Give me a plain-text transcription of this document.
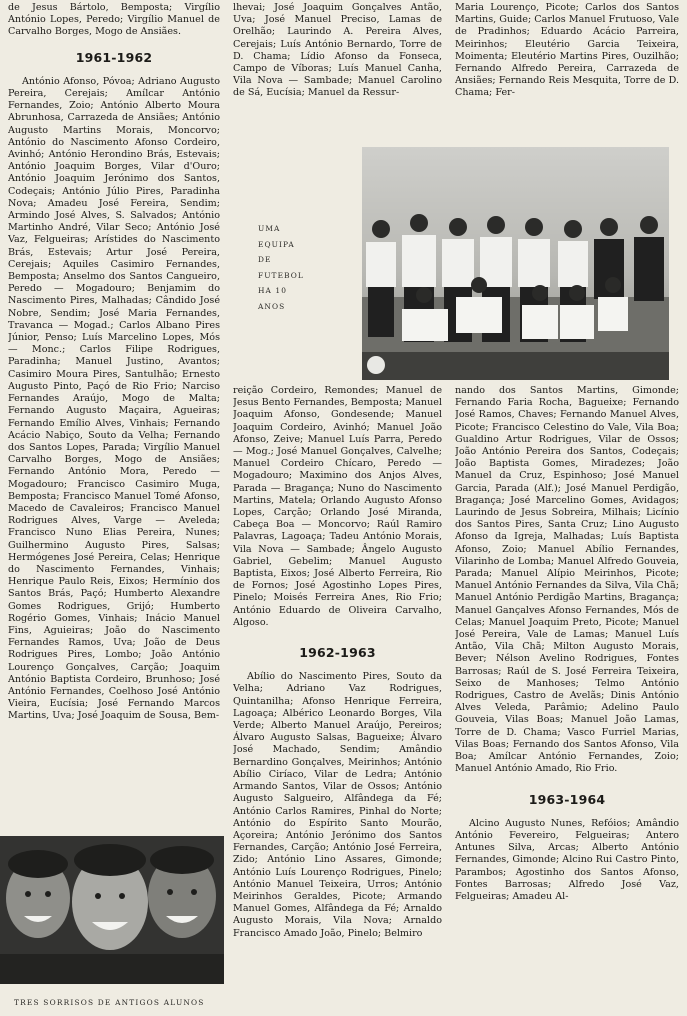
de Jesus Bártolo, Bemposta; Virgílio António Lopes, Peredo; Virgílio Manuel de Carvalho Borges, Mogo de Ansiães.

1961-1962

António Afonso, Póvoa; Adriano Augusto Pereira, Cerejais; Amílcar António Fernandes, Zoio; António Alberto Moura Abrunhosa, Carrazeda de Ansiães; António Augusto Martins Morais, Moncorvo; António do Nascimento Afonso Cordeiro, Avinhó; António Herondino Brás, Estevais; António Joaquim Borges, Vilar d'Ouro; António Joaquim Jerónimo dos Santos, Codeçais; António Júlio Pires, Paradinha Nova; Amadeu José Fereira, Sendim; Armindo José Alves, S. Salvados; António Martinho André, Vilar Seco; António José Vaz, Felgueiras; Arístides do Nascimento Brás, Estevais; Artur José Pereira, Cerejais; Aquiles Casimiro Fernandes, Bemposta; Anselmo dos Santos Cangueiro, Peredo — Mogadouro; Benjamim do Nascimento Pires, Malhadas; Cândido José Nobre, Sendim; José Maria Fernandes, Travanca — Mogad.; Carlos Albano Pires Júnior, Penso; Luís Marcelino Lopes, Mós — Monc.; Carlos Filipe Rodrigues, Paradinha; Manuel Justino, Avantos; Casimiro Moura Pires, Santulhão; Ernesto Augusto Pinto, Paçó de Rio Frio; Narciso Fernandes Araújo, Mogo de Malta; Fernando Augusto Maçaira, Agueiras; Fernando Emílio Alves, Vinhais; Fernando Acácio Nabiço, Souto da Velha; Fernando dos Santos Lopes, Parada; Virgílio Manuel Carvalho Borges, Mogo de Ansiães; Fernando António Mora, Peredo — Mogadouro; Francisco Casimiro Muga, Bemposta; Francisco Manuel Tomé Afonso, Macedo de Cavaleiros; Francisco Manuel Rodrigues Alves, Varge — Aveleda; Francisco Nuno Elias Pereira, Nunes; Guilhermino Augusto Pires, Salsas; Hermógenes José Pereira, Celas; Henrique do Nascimento Fernandes, Vinhais; Henrique Paulo Reis, Eixos; Hermínio dos Santos Brás, Paçó; Humberto Alexandre Gomes Rodrigues, Grijó; Humberto Rogério Gomes, Vinhais; Inácio Manuel Fins, Aguieiras; João do Nascimento Fernandes Ramos, Uva; João de Deus Rodrigues Pires, Lombo; João António Lourenço Gonçalves, Carção; Joaquim António Baptista Cordeiro, Brunhoso; José António Fernandes, Coelhoso José António Vieira, Eucísia; José Fernando Marcos Martins, Uva; José Joaquim de Sousa, Bem-

lhevai; José Joaquim Gonçalves Antão, Uva; José Manuel Preciso, Lamas de Orelhão; Laurindo A. Pereira Alves, Cerejais; Luís António Bernardo, Torre de D. Chama; Lídio Afonso da Fonseca, Campo de Víboras; Luís Manuel Canha, Vila Nova — Sambade; Manuel Carolino de Sá, Eucísia; Manuel da Ressur-

Maria Lourenço, Picote; Carlos dos Santos Martins, Guide; Carlos Manuel Frutuoso, Vale de Pradinhos; Eduardo Acácio Parreira, Meirinhos; Eleutério Garcia Teixeira, Moimenta; Eleutério Martins Pires, Ouzilhão; Fernando Alfredo Pereira, Carrazeda de Ansiães; Fernando Reis Mesquita, Torre de D. Chama; Fer-

UMA
EQUIPA
DE
FUTEBOL
HA 10
ANOS

reição Cordeiro, Remondes; Manuel de Jesus Bento Fernandes, Bemposta; Manuel Joaquim Afonso, Gondesende; Manuel Joaquim Cordeiro, Avinhó; Manuel João Afonso, Zeive; Manuel Luís Parra, Peredo — Mog.; José Manuel Gonçalves, Calvelhe; Manuel Cordeiro Chícaro, Peredo — Mogadouro; Maximino dos Anjos Alves, Parada — Bragança; Nuno do Nascimento Martins, Matela; Orlando Augusto Afonso Lopes, Carção; Orlando José Miranda, Cabeça Boa — Moncorvo; Raúl Ramiro Palavras, Lagoaça; Tadeu António Morais, Vila Nova — Sambade; Ângelo Augusto Gabriel, Gebelim; Manuel Augusto Baptista, Eixos; José Alberto Ferreira, Rio de Fornos; José Agostinho Lopes Pires, Pinelo; Moisés Ferreira Anes, Rio Frio; António Eduardo de Oliveira Carvalho, Algoso.

1962-1963

Abílio do Nascimento Pires, Souto da Velha; Adriano Vaz Rodrigues, Quintanilha; Afonso Henrique Ferreira, Lagoaça; Albérico Leonardo Borges, Vila Verde; Alberto Manuel Araújo, Pereiros; Álvaro Augusto Salsas, Bagueixe; Álvaro José Machado, Sendim; Amândio Bernardino Gonçalves, Meirinhos; António Abílio Ciríaco, Vilar de Ledra; António Armando Santos, Vilar de Ossos; António Augusto Salgueiro, Alfândega da Fé; António Carlos Ramires, Pinhal do Norte; António do Espírito Santo Mourão, Açoreira; António Jerónimo dos Santos Fernandes, Carção; António José Ferreira, Zido; António Lino Assares, Gimonde; António Luís Lourenço Rodrigues, Pinelo; António Manuel Teixeira, Urros; António Meirinhos Geraldes, Picote; Armando Manuel Gomes, Alfândega da Fé; Arnaldo Augusto Morais, Vila Nova; Arnaldo Francisco Amado João, Pinelo; Belmiro

nando dos Santos Martins, Gimonde; Fernando Faria Rocha, Bagueixe; Fernando José Ramos, Chaves; Fernando Manuel Alves, Picote; Francisco Celestino do Vale, Vila Boa; Gualdino Artur Rodrigues, Vilar de Ossos; João António Pereira dos Santos, Codeçais; João Baptista Gomes, Miradezes; João Manuel da Cruz, Espinhoso; José Manuel Garcia, Parada (Alf.); José Manuel Perdigão, Bragança; José Marcelino Gomes, Avidagos; Laurindo de Jesus Sobreira, Milhais; Licínio dos Santos Pires, Santa Cruz; Lino Augusto Afonso da Igreja, Malhadas; Luís Baptista Afonso, Zoio; Manuel Abílio Fernandes, Vilarinho de Lomba; Manuel Alfredo Gouveia, Parada; Manuel Alípio Meirinhos, Picote; Manuel António Fernandes da Silva, Vila Chã; Manuel António Perdigão Martins, Bragança; Manuel Gançalves Afonso Fernandes, Mós de Celas; Manuel Joaquim Preto, Picote; Manuel José Pereira, Vale de Lamas; Manuel Luís Antão, Vila Chã; Milton Augusto Morais, Bever; Nélson Avelino Rodrigues, Fontes Barrosas; Raúl de S. José Ferreira Teixeira, Seixo de Manhoses; Telmo António Rodrigues, Castro de Avelãs; Dinis António Alves Veleda, Parâmio; Adelino Paulo Gouveia, Vilas Boas; Manuel João Lamas, Torre de D. Chama; Vasco Furriel Marias, Vilas Boas; Fernando dos Santos Afonso, Vila Boa; Amílcar António Fernandes, Zoio; Manuel António Amado, Rio Frio.

1963-1964

Alcino Augusto Nunes, Refóios; Amândio António Fevereiro, Felgueiras; Antero Antunes Silva, Arcas; Alberto António Fernandes, Gimonde; Alcino Rui Castro Pinto, Parambos; Agostinho dos Santos Afonso, Fontes Barrosas; Alfredo José Vaz, Felgueiras; Amadeu Al-

TRES SORRISOS DE ANTIGOS ALUNOS
